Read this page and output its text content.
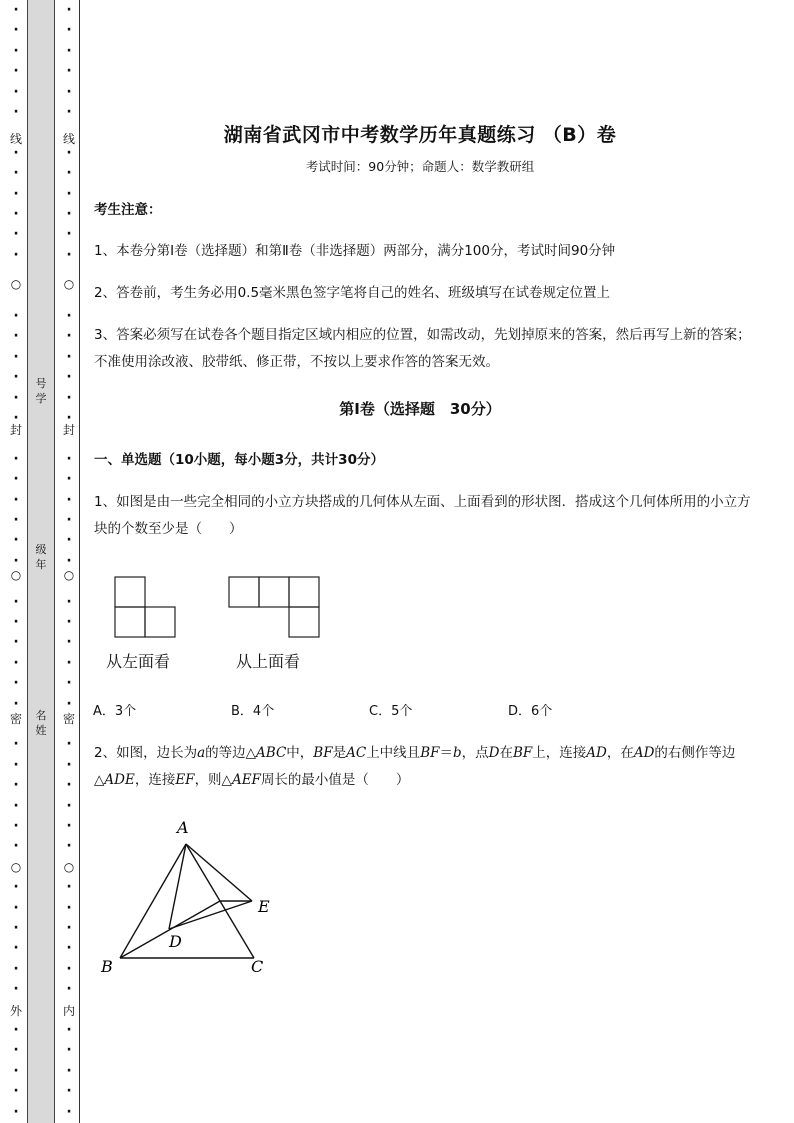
线
封
密
外
○
○
○
·
·
·
·
·
·
·
·
·
·
·
·
·
·
·
·
·
·
·
·
·
·
·
·
·
·
·
·
·
·
·
·
·
·
·
·
·
·
·
·
·
·
·
·
·
·
·
线
封
密
内
○
○
○
·
·
·
·
·
·
·
·
·
·
·
·
·
·
·
·
·
·
·
·
·
·
·
·
·
·
·
·
·
·
·
·
·
·
·
·
·
·
·
·
·
·
·
·
·
·
·
号
学
级
年
名
姓
湖南省武冈市中考数学历年真题练习 （B）卷
考试时间：90分钟；命题人：数学教研组
考生注意：
1、本卷分第I卷（选择题）和第Ⅱ卷（非选择题）两部分，满分100分，考试时间90分钟
2、答卷前，考生务必用0.5毫米黑色签字笔将自己的姓名、班级填写在试卷规定位置上
3、答案必须写在试卷各个题目指定区域内相应的位置，如需改动，先划掉原来的答案，然后再写上新的答案；不准使用涂改液、胶带纸、修正带，不按以上要求作答的答案无效。
第I卷（选择题　30分）
一、单选题（10小题，每小题3分，共计30分）
1、如图是由一些完全相同的小立方块搭成的几何体从左面、上面看到的形状图．搭成这个几何体所用的小立方块的个数至少是（　　）
从左面看	从上面看
A．3个	B．4个	C．5个	D．6个
2、如图，边长为a的等边△ABC中，BF是AC上中线且BF＝b，点D在BF上，连接AD，在AD的右侧作等边△ADE，连接EF，则△AEF周长的最小值是（　　）
A
B	C
D
E
